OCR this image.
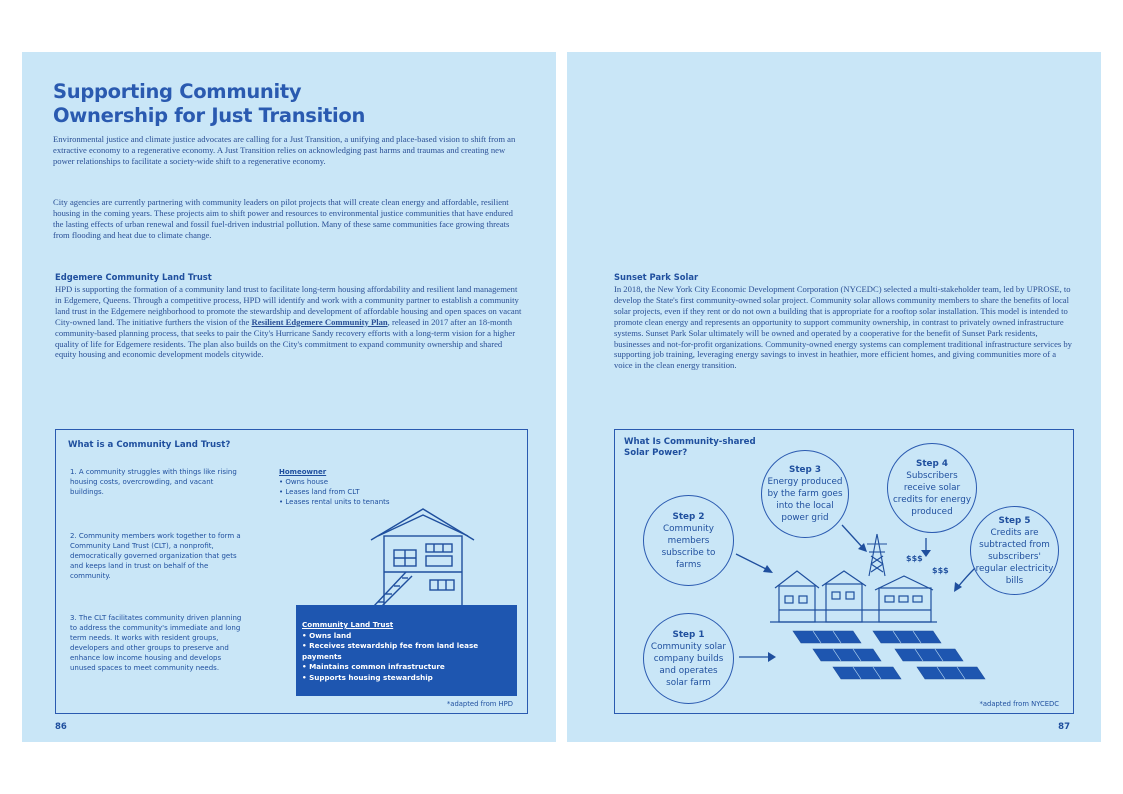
Supporting Community
Ownership for Just Transition

Environmental justice and climate justice advocates are calling for a Just Transition, a unifying and place-based vision to shift from an extractive economy to a regenerative economy. A Just Transition relies on acknowledging past harms and traumas and creating new power relationships to facilitate a society-wide shift to a regenerative economy.

City agencies are currently partnering with community leaders on pilot projects that will create clean energy and affordable, resilient housing in the coming years. These projects aim to shift power and resources to environmental justice communities that have endured the lasting effects of urban renewal and fossil fuel-driven industrial pollution. Many of these same communities face growing threats from flooding and heat due to climate change.

Edgemere Community Land Trust

HPD is supporting the formation of a community land trust to facilitate long-term housing affordability and resilient land management in Edgemere, Queens. Through a competitive process, HPD will identify and work with a community partner to establish a community land trust in the Edgemere neighborhood to promote the stewardship and development of affordable housing and open spaces on vacant City-owned land. The initiative furthers the vision of the Resilient Edgemere Community Plan, released in 2017 after an 18-month community-based planning process, that seeks to pair the City's Hurricane Sandy recovery efforts with a long-term vision for a higher quality of life for Edgemere residents. The plan also builds on the City's commitment to expand community ownership and shared equity housing and economic development models citywide.

What is a Community Land Trust?

1. A community struggles with things like rising housing costs, overcrowding, and vacant buildings.

2. Community members work together to form a Community Land Trust (CLT), a nonprofit, democratically governed organization that gets and keeps land in trust on behalf of the community.

3. The CLT facilitates community driven planning to address the community's immediate and long term needs. It works with resident groups, developers and other groups to preserve and enhance low income housing and develops unused spaces to meet community needs.

Homeowner

• Owns house

• Leases land from CLT

• Leases rental units to tenants

Community Land Trust

• Owns land

• Receives stewardship fee from land lease payments

• Maintains common infrastructure

• Supports housing stewardship

*adapted from HPD

86

Sunset Park Solar

In 2018, the New York City Economic Development Corporation (NYCEDC) selected a multi-stakeholder team, led by UPROSE, to develop the State's first community-owned solar project. Community solar allows community members to share the benefits of local solar projects, even if they rent or do not own a building that is appropriate for a rooftop solar installation. This model is intended to promote clean energy and represents an opportunity to support community ownership, in contrast to privately owned infrastructure systems. Sunset Park Solar ultimately will be owned and operated by a cooperative for the benefit of Sunset Park residents, businesses and not-for-profit organizations. Community-owned energy systems can complement traditional infrastructure services by supporting job training, leveraging energy savings to invest in heathier, more efficient homes, and giving communities more of a voice in the clean energy transition.

What Is Community-shared
Solar Power?

$$$
$$$
Step 2
Community members subscribe to farms
Step 3
Energy produced by the farm goes into the local power grid
Step 4
Subscribers receive solar credits for energy produced
Step 5
Credits are subtracted from subscribers' regular electricity bills
Step 1
Community solar company builds and operates solar farm

*adapted from NYCEDC

87
